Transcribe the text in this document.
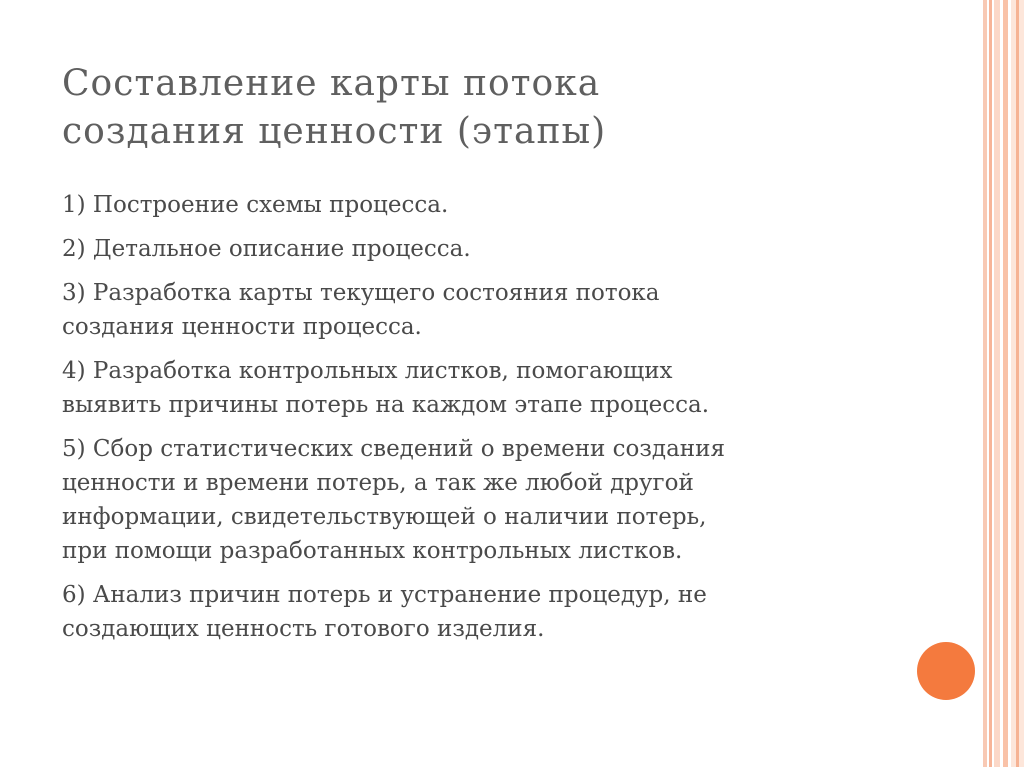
Составление карты потока
создания ценности (этапы)
1) Построение схемы процесса.
2) Детальное описание процесса.
3) Разработка карты текущего состояния потока
создания ценности процесса.
4) Разработка контрольных листков, помогающих
выявить причины потерь на каждом этапе процесса.
5) Сбор статистических сведений о времени создания
ценности и времени потерь, а так же любой другой
информации, свидетельствующей о наличии потерь,
при помощи разработанных контрольных листков.
6) Анализ причин потерь и устранение процедур, не
создающих ценность готового изделия.
